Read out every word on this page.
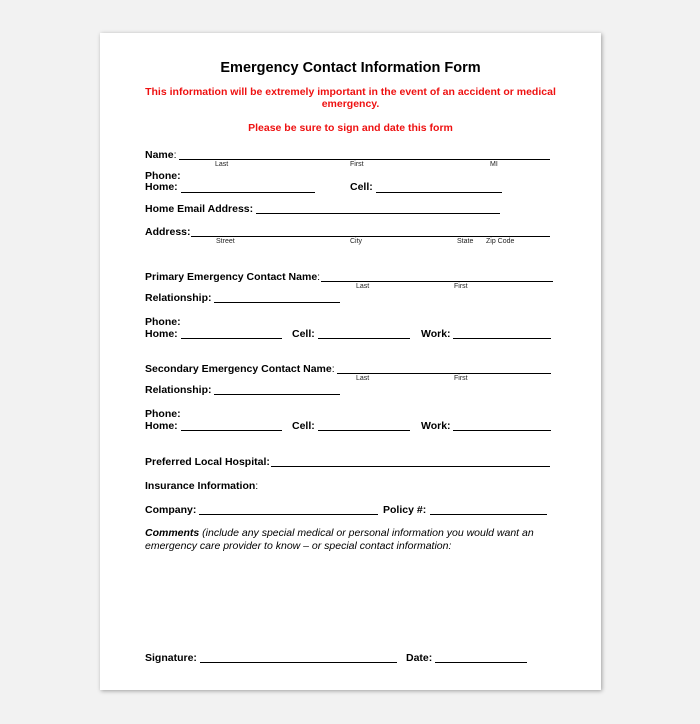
Emergency Contact Information Form
This information will be extremely important in the event of an accident or medical emergency.
Please be sure to sign and date this form
Name:
Last	First	MI
Phone:
Home:	Cell:
Home Email Address:
Address:
Street	City	State Zip Code
Primary Emergency Contact Name:
Last	First
Relationship:
Phone:
Home:	Cell:	Work:
Secondary Emergency Contact Name:
Last	First
Relationship:
Phone:
Home:	Cell:	Work:
Preferred Local Hospital:
Insurance Information:
Company:	Policy #:
Comments (include any special medical or personal information you would want an emergency care provider to know – or special contact information:
Signature:	Date:
